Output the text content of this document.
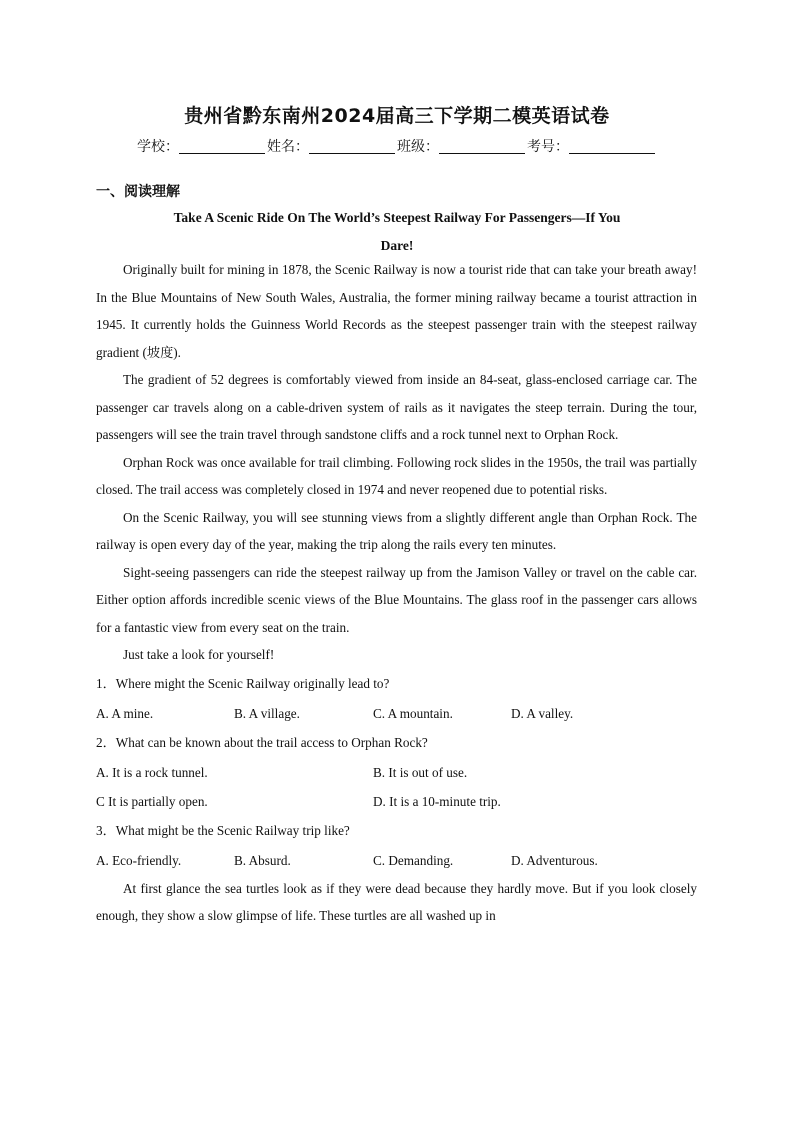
贵州省黔东南州2024届高三下学期二模英语试卷
学校：	姓名：	班级：	考号：
一、阅读理解
Take A Scenic Ride On The World’s Steepest Railway For Passengers—If You
Dare!

Originally built for mining in 1878, the Scenic Railway is now a tourist ride that can take your breath away! In the Blue Mountains of New South Wales, Australia, the former mining railway became a tourist attraction in 1945. It currently holds the Guinness World Records as the steepest passenger train with the steepest railway gradient (坡度).

The gradient of 52 degrees is comfortably viewed from inside an 84-seat, glass-enclosed carriage car. The passenger car travels along on a cable-driven system of rails as it navigates the steep terrain. During the tour, passengers will see the train travel through sandstone cliffs and a rock tunnel next to Orphan Rock.

Orphan Rock was once available for trail climbing. Following rock slides in the 1950s, the trail was partially closed. The trail access was completely closed in 1974 and never reopened due to potential risks.

On the Scenic Railway, you will see stunning views from a slightly different angle than Orphan Rock. The railway is open every day of the year, making the trip along the rails every ten minutes.

Sight-seeing passengers can ride the steepest railway up from the Jamison Valley or travel on the cable car. Either option affords incredible scenic views of the Blue Mountains. The glass roof in the passenger cars allows for a fantastic view from every seat on the train.

Just take a look for yourself!

1．Where might the Scenic Railway originally lead to?

A. A mine.	B. A village.	C. A mountain.	D. A valley.

2．What can be known about the trail access to Orphan Rock?

A. It is a rock tunnel.	B. It is out of use.
C It is partially open.	D. It is a 10-minute trip.

3．What might be the Scenic Railway trip like?

A. Eco-friendly.	B. Absurd.	C. Demanding.	D. Adventurous.

At first glance the sea turtles look as if they were dead because they hardly move. But if you look closely enough, they show a slow glimpse of life. These turtles are all washed up in
